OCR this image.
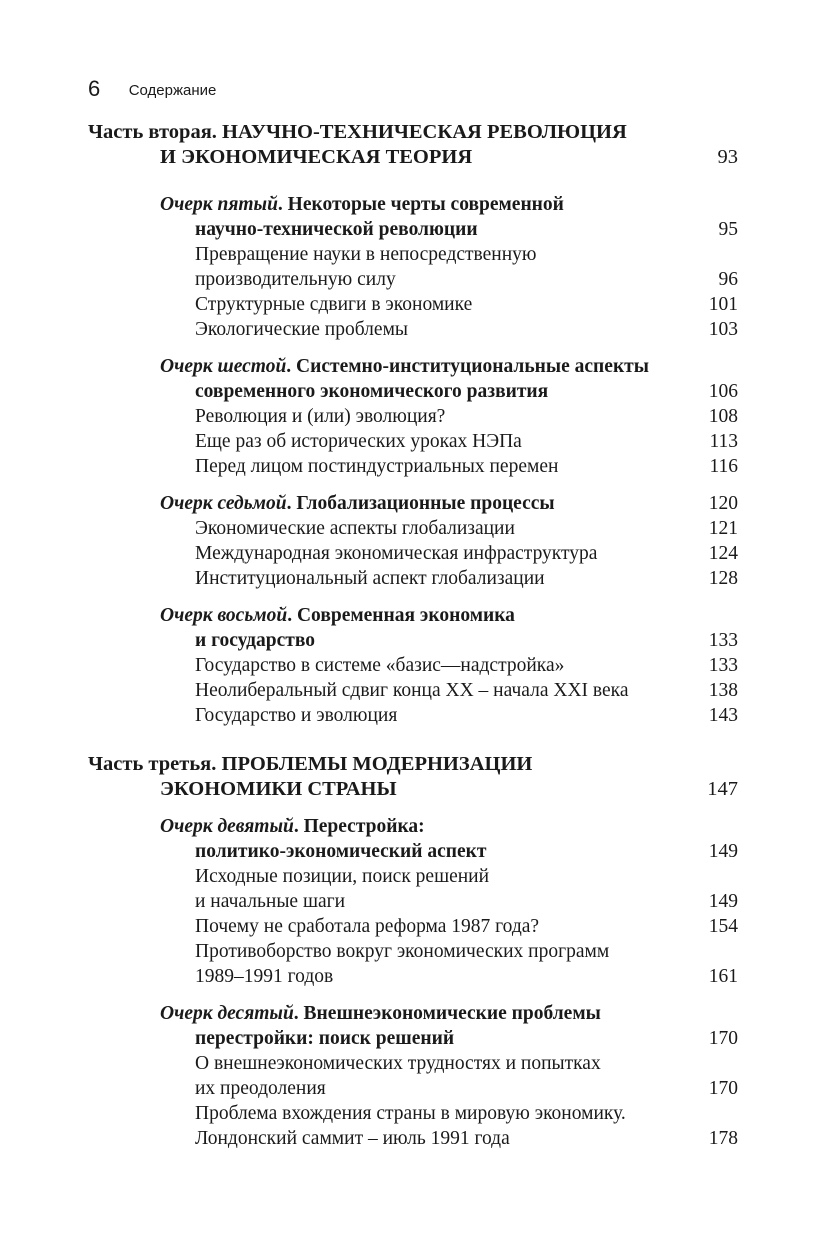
6 Содержание
Часть вторая. НАУЧНО-ТЕХНИЧЕСКАЯ РЕВОЛЮЦИЯ
И ЭКОНОМИЧЕСКАЯ ТЕОРИЯ	93
Очерк пятый. Некоторые черты современной
научно-технической революции	95
Превращение науки в непосредственную
производительную силу	96
Структурные сдвиги в экономике	101
Экологические проблемы	103
Очерк шестой. Системно-институциональные аспекты
современного экономического развития	106
Революция и (или) эволюция?	108
Еще раз об исторических уроках НЭПа	113
Перед лицом постиндустриальных перемен	116
Очерк седьмой. Глобализационные процессы	120
Экономические аспекты глобализации	121
Международная экономическая инфраструктура	124
Институциональный аспект глобализации	128
Очерк восьмой. Современная экономика
и государство	133
Государство в системе «базис—надстройка»	133
Неолиберальный сдвиг конца XX – начала XXI века	138
Государство и эволюция	143
Часть третья. ПРОБЛЕМЫ МОДЕРНИЗАЦИИ
ЭКОНОМИКИ СТРАНЫ	147
Очерк девятый. Перестройка:
политико-экономический аспект	149
Исходные позиции, поиск решений
и начальные шаги	149
Почему не сработала реформа 1987 года?	154
Противоборство вокруг экономических программ
1989–1991 годов	161
Очерк десятый. Внешнеэкономические проблемы
перестройки: поиск решений	170
О внешнеэкономических трудностях и попытках
их преодоления	170
Проблема вхождения страны в мировую экономику.
Лондонский саммит – июль 1991 года	178
